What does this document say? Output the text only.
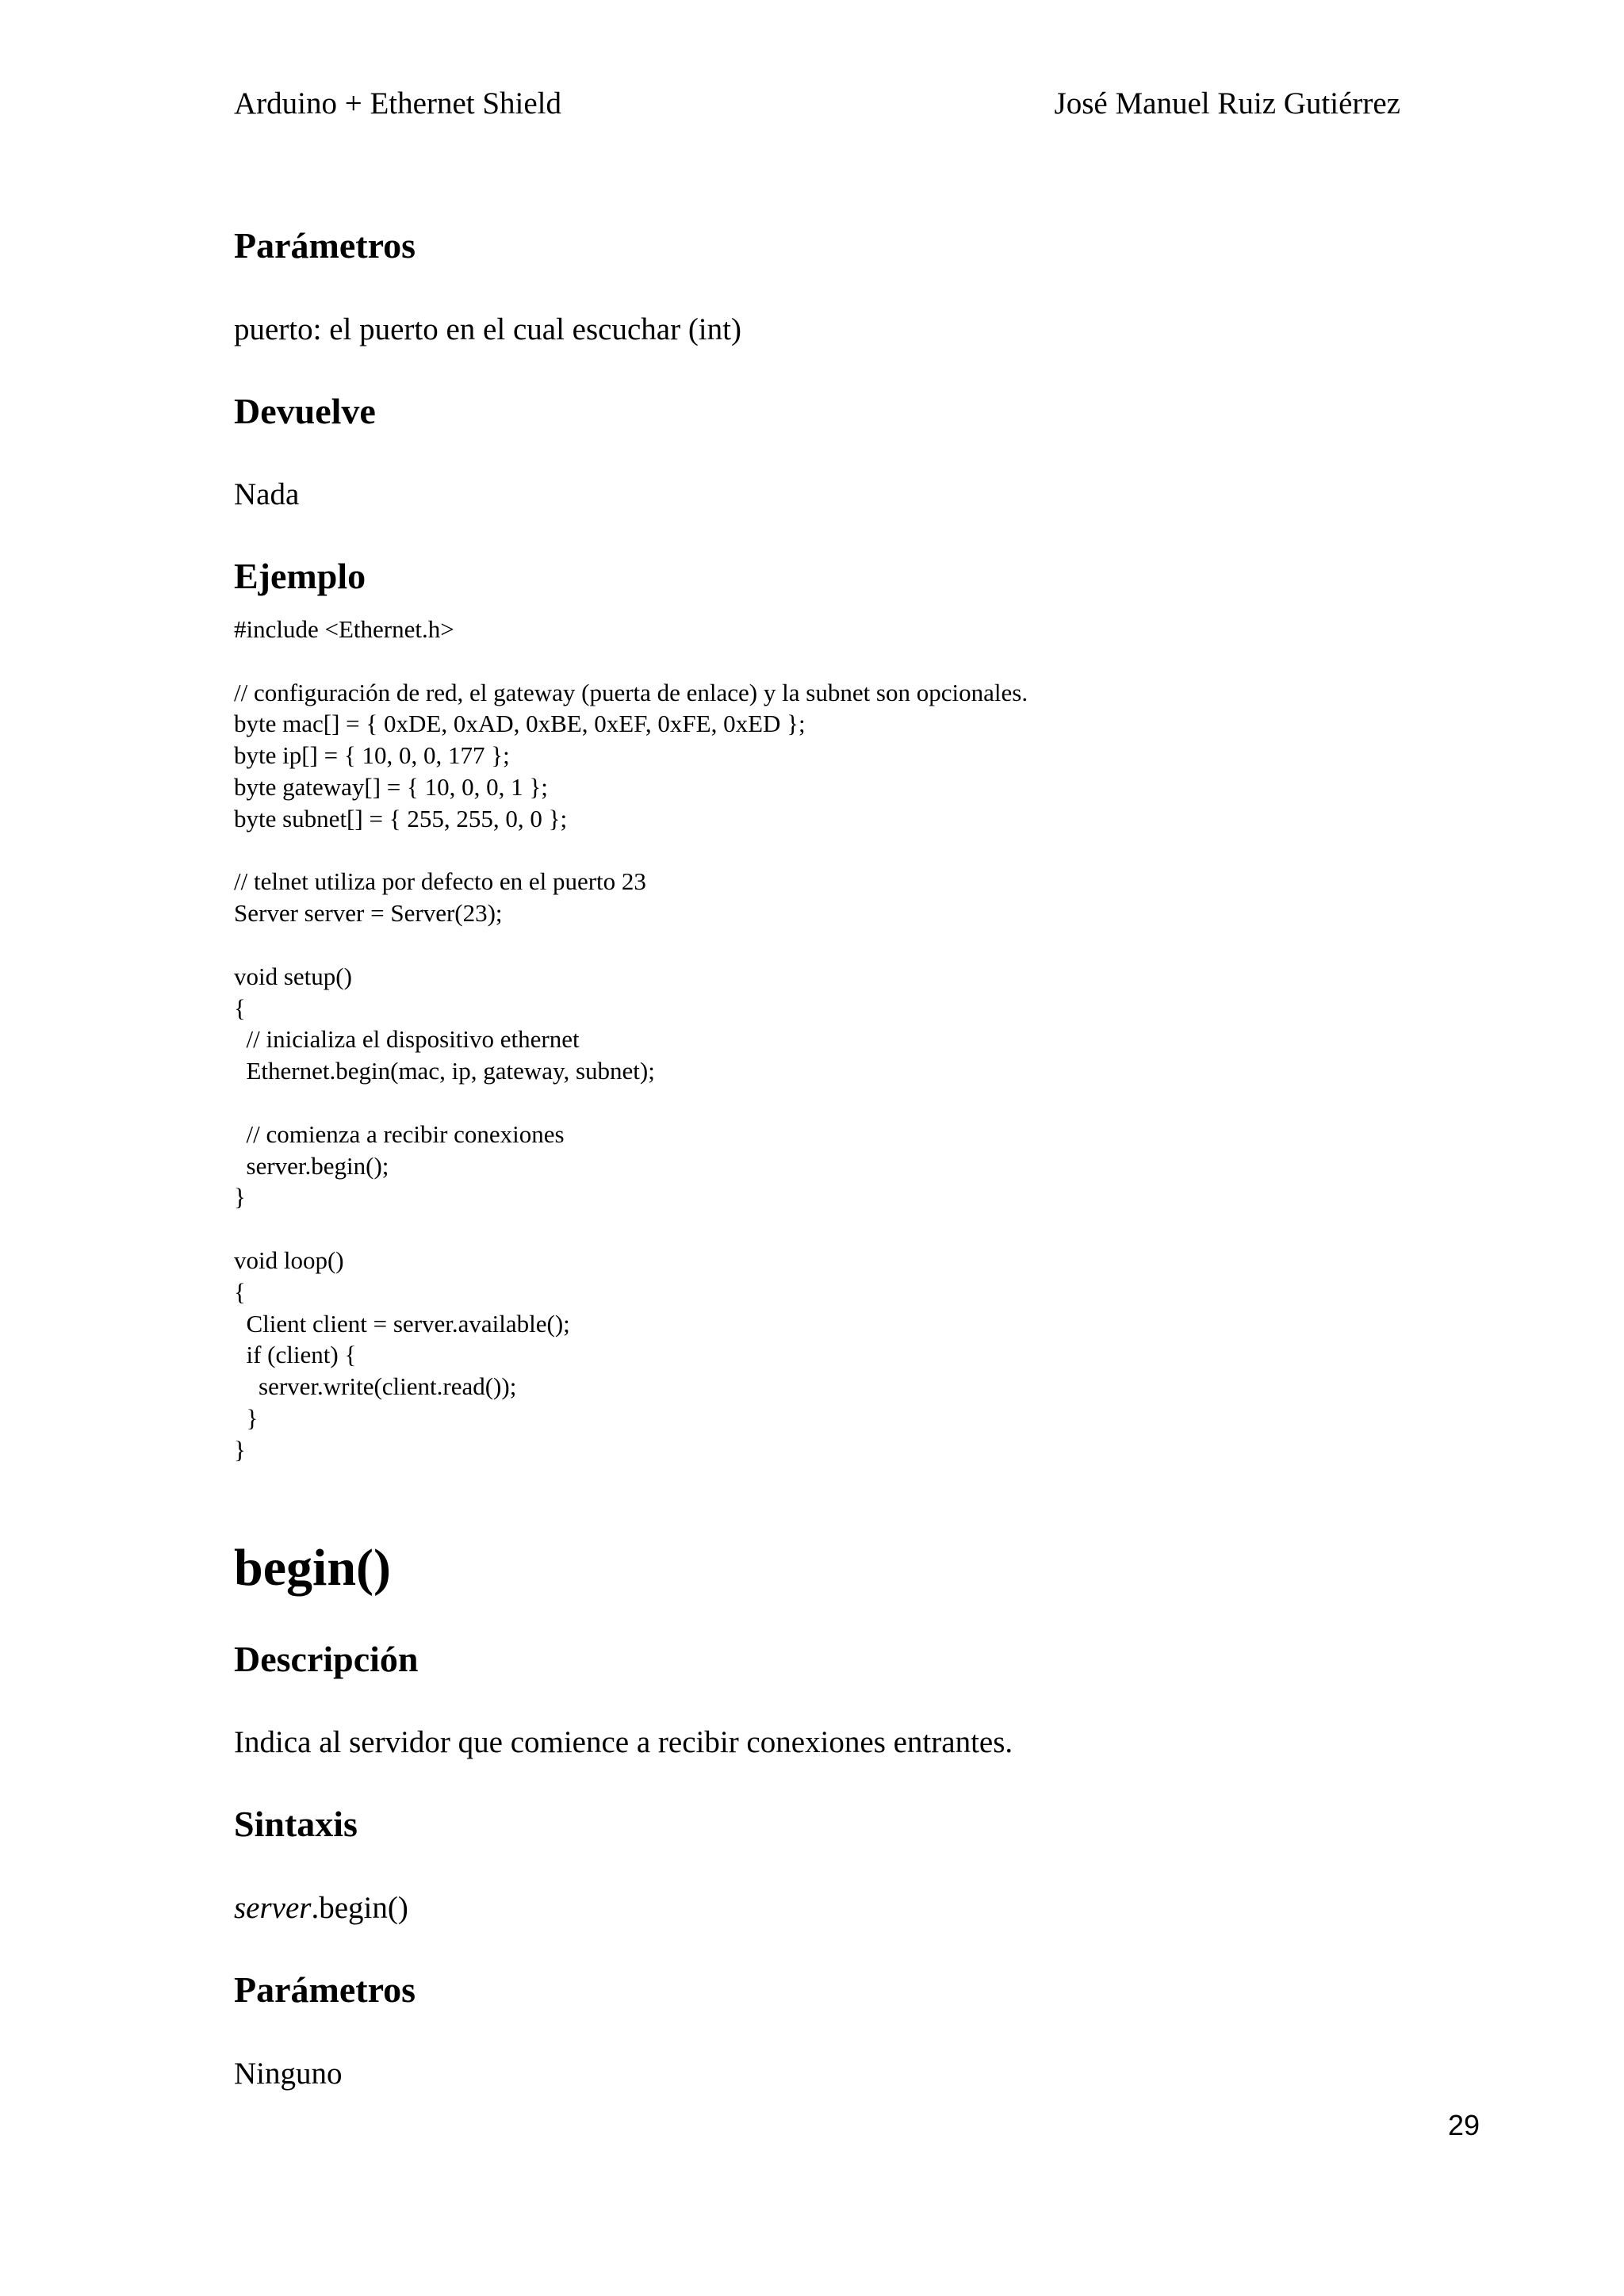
Arduino + Ethernet Shield	José Manuel Ruiz Gutiérrez
Parámetros
puerto: el puerto en el cual escuchar (int)
Devuelve
Nada
Ejemplo
#include <Ethernet.h>
// configuración de red, el gateway (puerta de enlace) y la subnet son opcionales.
byte mac[] = { 0xDE, 0xAD, 0xBE, 0xEF, 0xFE, 0xED };
byte ip[] = { 10, 0, 0, 177 };
byte gateway[] = { 10, 0, 0, 1 };
byte subnet[] = { 255, 255, 0, 0 };
// telnet utiliza por defecto en el puerto 23
Server server = Server(23);
void setup()
{
// inicializa el dispositivo ethernet
Ethernet.begin(mac, ip, gateway, subnet);
// comienza a recibir conexiones
server.begin();
}
void loop()
{
Client client = server.available();
if (client) {
server.write(client.read());
}
}
begin()
Descripción
Indica al servidor que comience a recibir conexiones entrantes.
Sintaxis
server.begin()
Parámetros
Ninguno
29
